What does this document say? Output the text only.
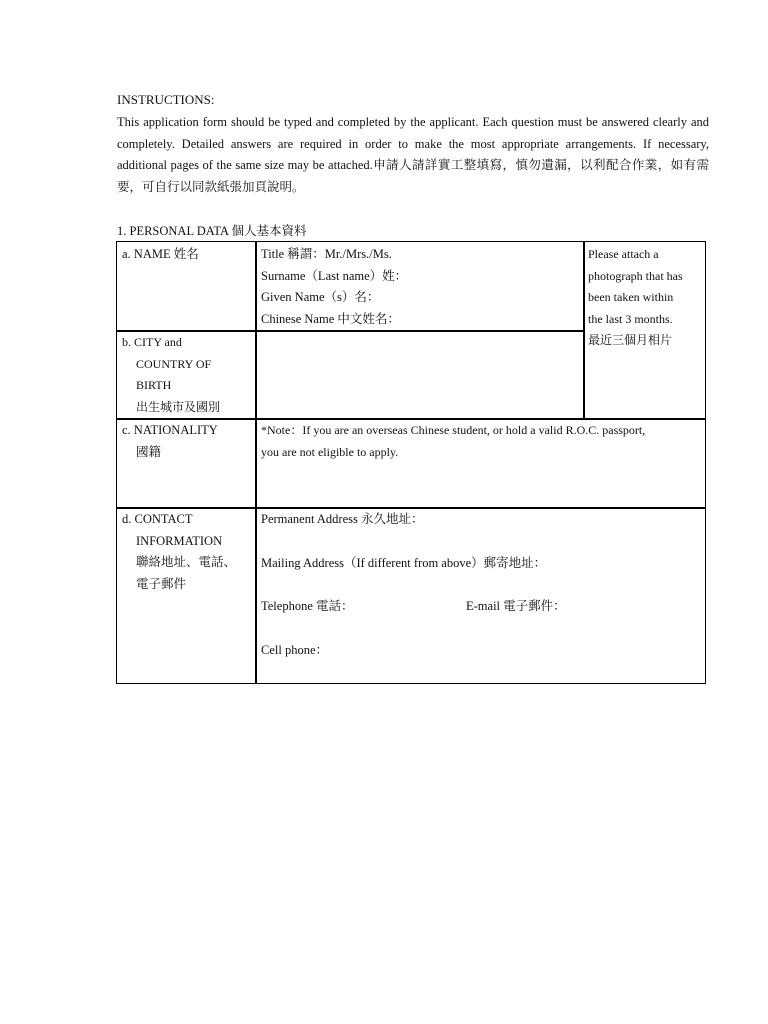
INSTRUCTIONS:

This application form should be typed and completed by the applicant. Each question must be answered clearly and completely. Detailed answers are required in order to make the most appropriate arrangements. If necessary, additional pages of the same size may be attached.申請人請詳實工整填寫，慎勿遺漏，以利配合作業，如有需要，可自行以同款紙張加頁說明。

1. PERSONAL DATA 個人基本資料
a. NAME 姓名	Title 稱謂：Mr./Mrs./Ms.
Surname（Last name）姓：
Given Name（s）名：
Chinese Name 中文姓名：
Please attach a
photograph that has
been taken within
the last 3 months.
最近三個月相片
b. CITY and
COUNTRY OF
BIRTH
出生城市及國別
c. NATIONALITY
國籍
*Note：If you are an overseas Chinese student, or hold a valid R.O.C. passport,
you are not eligible to apply.
d. CONTACT
INFORMATION
聯絡地址、電話、
電子郵件
Permanent Address 永久地址：
Mailing Address（If different from above）郵寄地址：
Telephone 電話：	E-mail 電子郵件：
Cell phone：
